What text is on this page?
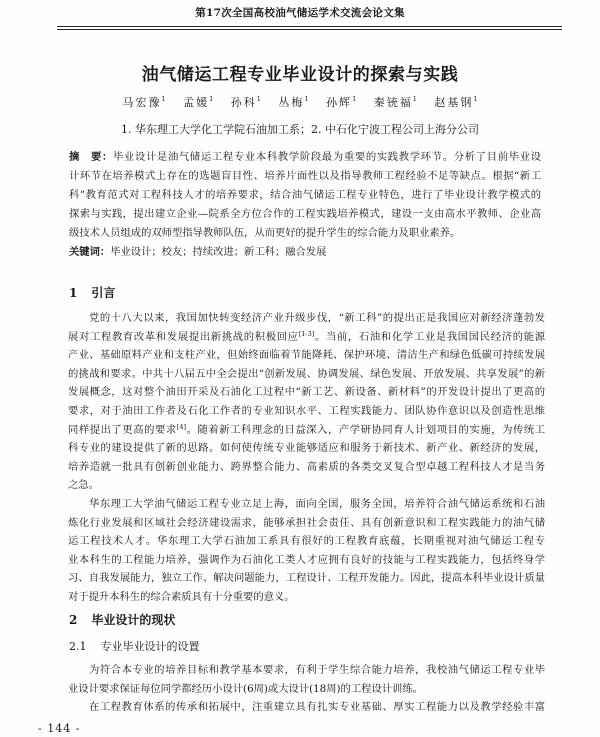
第17次全国高校油气储运学术交流会论文集
油气储运工程专业毕业设计的探索与实践
马宏豫$^1$ 孟媛$^1$ 孙科$^1$ 丛梅$^1$ 孙辉$^1$ 秦铳福$^1$ 赵基钢$^1$
1. 华东理工大学化工学院石油加工系；2. 中石化宁波工程公司上海分公司
摘　要：毕业设计是油气储运工程专业本科教学阶段最为重要的实践教学环节。分析了目前毕业设
计环节在培养模式上存在的选题盲目性、培养片面性以及指导教师工程经验不足等缺点。根据“新工
科”教育范式对工程科技人才的培养要求，结合油气储运工程专业特色，进行了毕业设计教学模式的
探索与实践，提出建立企业—院系全方位合作的工程实践培养模式，建设一支由高水平教师、企业高
级技术人员组成的双师型指导教师队伍，从而更好的提升学生的综合能力及职业素养。
关键词：毕业设计；校友；持续改进；新工科；融合发展
1 引言
党的十八大以来，我国加快转变经济产业升级步伐，“新工科”的提出正是我国应对新经济蓬勃发
展对工程教育改革和发展提出新挑战的积极回应[1-3]。当前，石油和化学工业是我国国民经济的能源
产业、基础原料产业和支柱产业，但始终面临着节能降耗、保护环境、清洁生产和绿色低碳可持续发展
的挑战和要求。中共十八届五中全会提出“创新发展、协调发展、绿色发展、开放发展、共享发展”的新
发展概念，这对整个油田开采及石油化工过程中“新工艺、新设备、新材料”的开发设计提出了更高的
要求，对于油田工作者及石化工作者的专业知识水平、工程实践能力、团队协作意识以及创造性思维
同样提出了更高的要求[4]。随着新工科理念的日益深入，产学研协同育人计划项目的实施，为传统工
科专业的建设提供了新的思路。如何使传统专业能够适应和服务于新技术、新产业、新经济的发展，
培养造就一批具有创新创业能力、跨界整合能力、高素质的各类交叉复合型卓越工程科技人才是当务
之急。
华东理工大学油气储运工程专业立足上海，面向全国，服务全国，培养符合油气储运系统和石油
炼化行业发展和区域社会经济建设需求，能够承担社会责任、具有创新意识和工程实践能力的油气储
运工程技术人才。华东理工大学石油加工系具有很好的工程教育底蕴，长期重视对油气储运工程专
业本科生的工程能力培养，强调作为石油化工类人才应拥有良好的技能与工程实践能力，包括终身学
习、自我发展能力，独立工作、解决问题能力，工程设计、工程开发能力。因此，提高本科毕业设计质量
对于提升本科生的综合素质具有十分重要的意义。
2 毕业设计的现状
2.1 专业毕业设计的设置
为符合本专业的培养目标和教学基本要求，有利于学生综合能力培养，我校油气储运工程专业毕
业设计要求保证每位同学都经历小设计(6周)或大设计(18周)的工程设计训练。
在工程教育体系的传承和拓展中，注重建立具有扎实专业基础、厚实工程能力以及教学经验丰富
- 144 -
